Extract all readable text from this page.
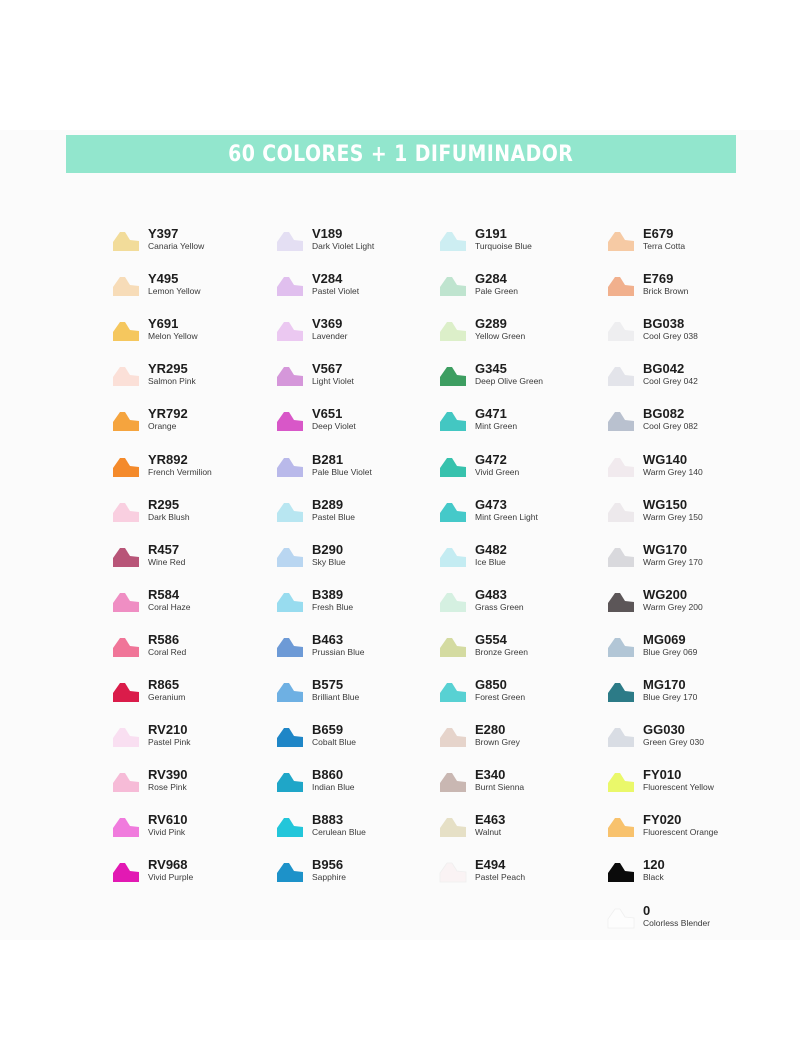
60 COLORES + 1 DIFUMINADOR
Y397
Canaria Yellow
Y495
Lemon Yellow
Y691
Melon Yellow
YR295
Salmon Pink
YR792
Orange
YR892
French Vermilion
R295
Dark Blush
R457
Wine Red
R584
Coral Haze
R586
Coral Red
R865
Geranium
RV210
Pastel Pink
RV390
Rose Pink
RV610
Vivid Pink
RV968
Vivid Purple
V189
Dark Violet Light
V284
Pastel Violet
V369
Lavender
V567
Light Violet
V651
Deep Violet
B281
Pale Blue Violet
B289
Pastel Blue
B290
Sky Blue
B389
Fresh Blue
B463
Prussian Blue
B575
Brilliant Blue
B659
Cobalt Blue
B860
Indian Blue
B883
Cerulean Blue
B956
Sapphire
G191
Turquoise Blue
G284
Pale Green
G289
Yellow Green
G345
Deep Olive Green
G471
Mint Green
G472
Vivid Green
G473
Mint Green Light
G482
Ice Blue
G483
Grass Green
G554
Bronze Green
G850
Forest Green
E280
Brown Grey
E340
Burnt Sienna
E463
Walnut
E494
Pastel Peach
E679
Terra Cotta
E769
Brick Brown
BG038
Cool Grey 038
BG042
Cool Grey 042
BG082
Cool Grey 082
WG140
Warm Grey 140
WG150
Warm Grey 150
WG170
Warm Grey 170
WG200
Warm Grey 200
MG069
Blue Grey 069
MG170
Blue Grey 170
GG030
Green Grey 030
FY010
Fluorescent Yellow
FY020
Fluorescent Orange
120
Black
0
Colorless Blender
